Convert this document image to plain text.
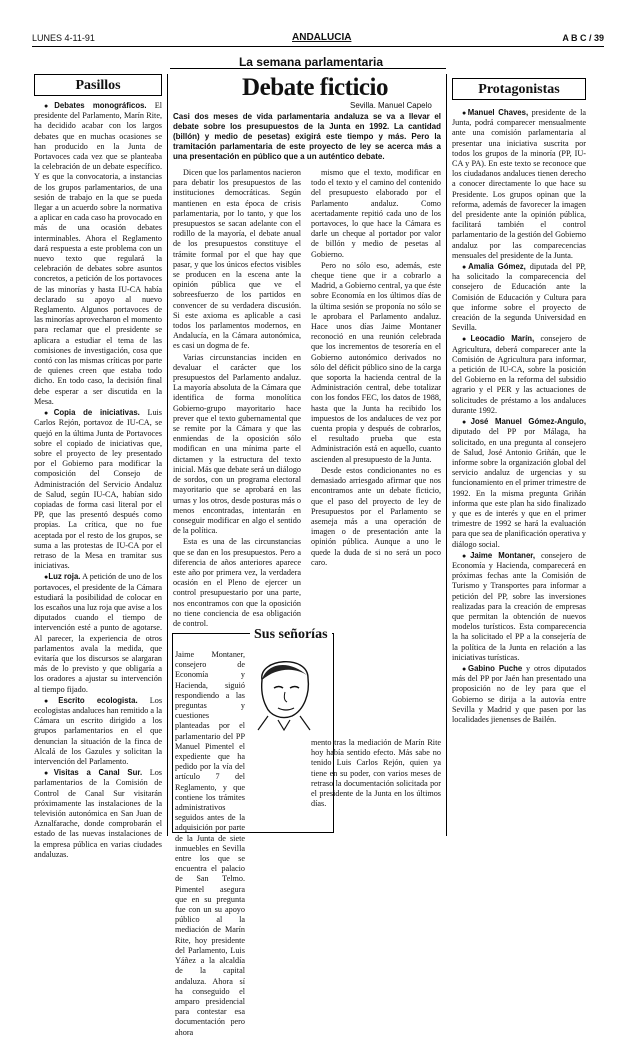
LUNES 4-11-91	ANDALUCIA	A B C / 39
La semana parlamentaria
Pasillos

● Debates monográficos. El presidente del Parlamento, Marín Rite, ha decidido acabar con los largos debates que en muchas ocasiones se han producido en la Junta de Portavoces cada vez que se planteaba la celebración de un debate específico. Y es que la convocatoria, a instancias de los grupos parlamentarios, de una sesión de trabajo en la que se pueda llegar a un acuerdo sobre la normativa a aplicar en cada caso ha provocado en más de una ocasión debates interminables. Ahora el Reglamento dará respuesta a este problema con un nuevo texto que regulará la celebración de debates sobre asuntos concretos, a petición de los portavoces de las minorías y hasta IU-CA había declarado su apoyo al nuevo Reglamento. Algunos portavoces de las minorías aprovecharon el momento para reclamar que el presidente se aplicara a estudiar el tema de las comisiones de investigación, cosa que contó con las mismas críticas por parte de quienes creen que estaba todo dicho. En todo caso, la decisión final debe esperar a ser discutida en la Mesa.

● Copia de iniciativas. Luis Carlos Rejón, portavoz de IU-CA, se quejó en la última Junta de Portavoces sobre el copiado de iniciativas que, sobre el proyecto de ley presentado por el Gobierno para modificar la composición del Consejo de Administración del Servicio Andaluz de Salud, según IU-CA, habían sido copiadas de forma casi literal por el PP, que las presentó después como propias. La crítica, que no fue aceptada por el resto de los grupos, se suma a las protestas de IU-CA por el retraso de la Mesa en tramitar sus iniciativas.

● Luz roja. A petición de uno de los portavoces, el presidente de la Cámara estudiará la posibilidad de colocar en los escaños una luz roja que avise a los diputados cuando el tiempo de intervención esté a punto de agotarse. Al parecer, la experiencia de otros parlamentos avala la medida, que evitaría que los discursos se alargaran más de lo previsto y que obligaría a los oradores a ajustar su intervención al tiempo fijado.

● Escrito ecologista. Los ecologistas andaluces han remitido a la Cámara un escrito dirigido a los grupos parlamentarios en el que denuncian la situación de la finca de Alcalá de los Gazules y solicitan la intervención del Parlamento.

● Visitas a Canal Sur. Los parlamentarios de la Comisión de Control de Canal Sur visitarán próximamente las instalaciones de la televisión autonómica en San Juan de Aznalfarache, donde comprobarán el estado de las nuevas instalaciones de la empresa pública en varias ciudades andaluzas.

Debate ficticio
Sevilla. Manuel Capelo
Casi dos meses de vida parlamentaria andaluza se va a llevar el debate sobre los presupuestos de la Junta en 1992. La cantidad (billón) y medio de pesetas) exigirá este tiempo y más. Pero la tramitación parlamentaria de este proyecto de ley se acerca más a una presentación en público que a un auténtico debate.

Dicen que los parlamentos nacieron para debatir los presupuestos de las instituciones democráticas. Según mantienen en esta época de crisis parlamentaria, por lo tanto, y que los presupuestos se sacan adelante con el rodillo de la mayoría, el debate anual de los presupuestos constituye el trámite formal por el que hay que pasar, y que los únicos efectos visibles se producen en la escena ante la opinión pública que ve el sobreesfuerzo de los partidos en convencer de su verdadera discusión. Si este axioma es aplicable a casi todos los parlamentos modernos, en Andalucía, en la Cámara autonómica, es casi un dogma de fe.

Varias circunstancias inciden en devaluar el carácter que los presupuestos del Parlamento andaluz. La mayoría absoluta de la Cámara que identifica de forma monolítica Gobierno-grupo mayoritario hace prever que el texto gubernamental que se remite por la Cámara y que las enmiendas de la oposición sólo modifican en una mínima parte el dictamen y la estructura del texto inicial. Más que debate será un diálogo de sordos, con un programa electoral mayoritario que se aprobará en las urnas y los otros, desde posturas más o menos encontradas, intentarán en conseguir modificar en algo el sentido de la política.

Esta es una de las circunstancias que se dan en los presupuestos. Pero a diferencia de años anteriores aparece este año por primera vez, la verdadera ocasión en el Pleno de ejercer un control presupuestario por una parte, nos encontramos con que la oposición no tiene conciencia de esa obligación de control.

mismo que el texto, modificar en todo el texto y el camino del contenido del presupuesto elaborado por el Parlamento andaluz. Como acertadamente repitió cada uno de los portavoces, lo que hace la Cámara es darle un cheque al portador por valor de billón y medio de pesetas al Gobierno.

Pero no sólo eso, además, este cheque tiene que ir a cobrarlo a Madrid, a Gobierno central, ya que éste sobre Economía en los últimos días de la última sesión se proponía no sólo se le aprobara el Parlamento andaluz. Hace unos días Jaime Montaner reconoció en una reunión celebrada que los incrementos de tesorería en el Gobierno autonómico derivados no sólo del déficit público sino de la carga que soporta la hacienda central de la Administración central, debe totalizar con los fondos FEC, los datos de 1988, hasta que la Junta ha recibido los impuestos de los andaluces de vez por cuenta propia y después de cobrarlos, el resultado prueba que esta Administración está en aquello, cuanto ascienden al presupuesto de la Junta.

Desde estos condicionantes no es demasiado arriesgado afirmar que nos encontramos ante un debate ficticio, que el paso del proyecto de ley de Presupuestos por el Parlamento se asemeja más a una operación de imagen o de presentación ante la opinión pública. Aunque a uno le quede la duda de si no será un poco caro.

Sus señorías
Jaime Montaner, consejero de Economía y Hacienda, siguió respondiendo a las preguntas y cuestiones planteadas por el parlamentario del PP Manuel Pimentel el expediente que ha pedido por la vía del artículo 7 del Reglamento, y que contiene los trámites administrativos seguidos antes de la adquisición por parte de la Junta de siete inmuebles en Sevilla entre los que se encuentra el palacio de San Telmo. Pimentel asegura que en su pregunta fue con un su apoyo público al la mediación de Marín Rite, hoy presidente del Parlamento, Luis Yáñez a la alcaldía de la capital andaluza. Ahora sí ha conseguido el amparo presidencial para contestar esa documentación pero ahora
mento tras la mediación de Marín Rite hoy había sentido efecto. Más sabe no tenido Luis Carlos Rejón, quien ya tiene en su poder, con varios meses de retraso la documentación solicitada por el presidente de la Junta en los últimos días.
Protagonistas

● Manuel Chaves, presidente de la Junta, podrá comparecer mensualmente ante una comisión parlamentaria al presentar una iniciativa suscrita por todos los grupos de la minoría (PP, IU-CA y PA). En este texto se reconoce que los ciudadanos andaluces tienen derecho a conocer directamente lo que hace su Presidente. Los grupos opinan que la reforma, además de favorecer la imagen del presidente ante la opinión pública, facilitará también el control parlamentario de la gestión del Gobierno andaluz por las comparecencias mensuales del presidente de la Junta.

● Amalia Gómez, diputada del PP, ha solicitado la comparecencia del consejero de Educación ante la Comisión de Educación y Cultura para que informe sobre el proyecto de creación de la segunda Universidad en Sevilla.

● Leocadio Marín, consejero de Agricultura, deberá comparecer ante la Comisión de Agricultura para informar, a petición de IU-CA, sobre la posición del Gobierno en la reforma del subsidio agrario y el PER y las actuaciones de solicitudes de préstamo a los andaluces durante 1992.

● José Manuel Gómez-Angulo, diputado del PP por Málaga, ha solicitado, en una pregunta al consejero de Salud, José Antonio Griñán, que le informe sobre la organización global del servicio andaluz de urgencias y su funcionamiento en el primer trimestre de 1992. En la misma pregunta Griñán informa que este plan ha sido finalizado y que es de interés y que en el primer trimestre de 1992 se hará la evaluación para que sea de planificación operativa y diálogo social.

● Jaime Montaner, consejero de Economía y Hacienda, comparecerá en próximas fechas ante la Comisión de Turismo y Transportes para informar a petición del PP, sobre las inversiones realizadas para la creación de empresas que permitan la obtención de nuevos modelos turísticos. Esta comparecencia la ha solicitado el PP a la consejería de la política de la Junta en relación a las iniciativas turísticas.

● Gabino Puche y otros diputados más del PP por Jaén han presentado una proposición no de ley para que el Gobierno se dirija a la autovía entre Sevilla y Madrid y que pasen por las localidades jienenses de Bailén.
